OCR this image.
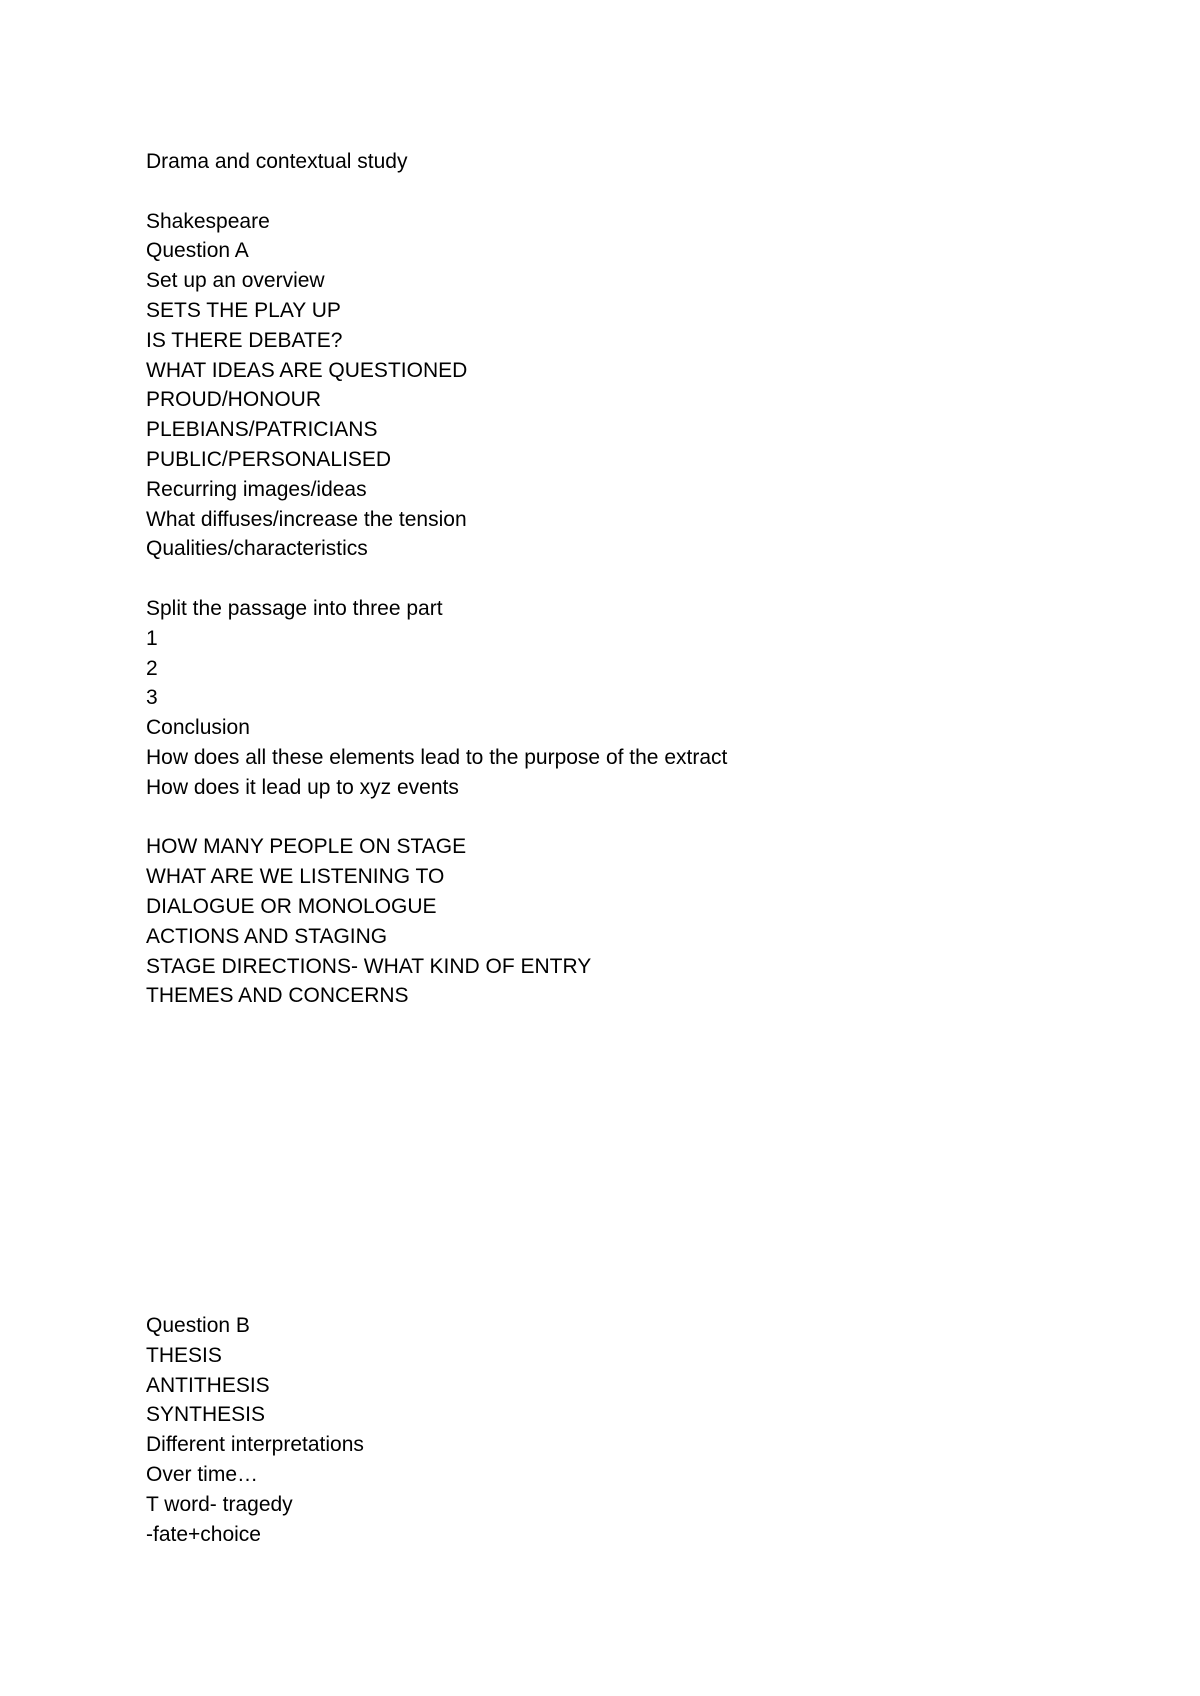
Drama and contextual study
Shakespeare
Question A
Set up an overview
SETS THE PLAY UP
IS THERE DEBATE?
WHAT IDEAS ARE QUESTIONED
PROUD/HONOUR
PLEBIANS/PATRICIANS
PUBLIC/PERSONALISED
Recurring images/ideas
What diffuses/increase the tension
Qualities/characteristics
Split the passage into three part
1
2
3
Conclusion
How does all these elements lead to the purpose of the extract
How does it lead up to xyz events
HOW MANY PEOPLE ON STAGE
WHAT ARE WE LISTENING TO
DIALOGUE OR MONOLOGUE
ACTIONS AND STAGING
STAGE DIRECTIONS- WHAT KIND OF ENTRY
THEMES AND CONCERNS
Question B
THESIS
ANTITHESIS
SYNTHESIS
Different interpretations
Over time…
T word- tragedy
-fate+choice
